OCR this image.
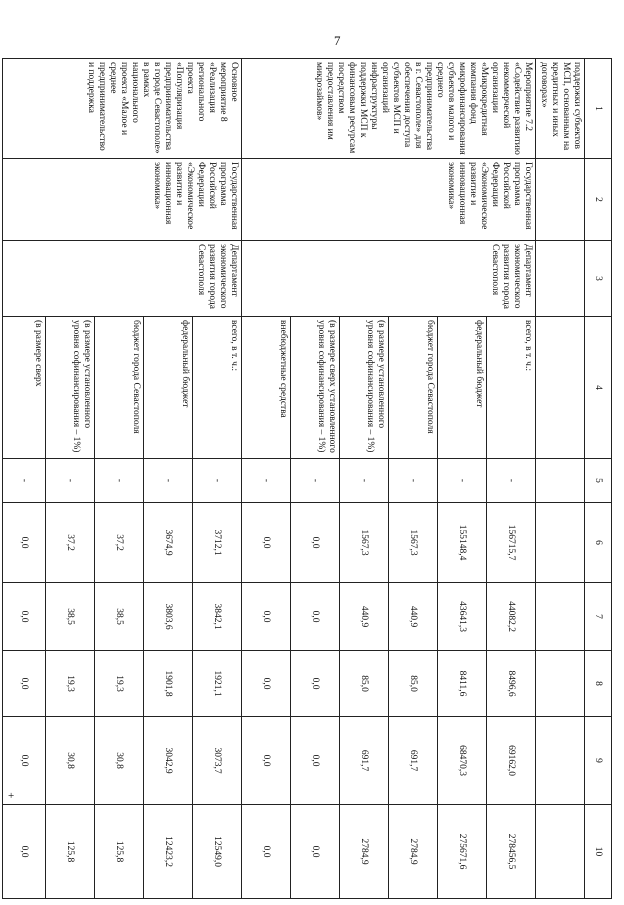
7
+
1	2	3	4	5	6	7	8	9	10
поддержки субъектов МСП, основанным на кредитных и иных договорах»									
Мероприятие 7.2 «Содействие развитию некоммерческой организации «Микрокредитная компания фонд микрофинансирования субъектов малого и среднего предпринимательства в г. Севастополе» для обеспечения доступа субъектов МСП и организаций инфраструктуры поддержки МСП к финансовым ресурсам посредством предоставления им микрозаймов»	Государственная программа Российской Федерации «Экономическое развитие и инновационная экономика»	Департамент экономического развития города Севастополя	всего, в т. ч.:	-	156715,7	44082,2	8496,6	69162,0	278456,5
			федеральный бюджет	-	155148,4	43641,3	8411,6	68470,3	275671,6
			бюджет города Севастополя	-	1567,3	440,9	85,0	691,7	2784,9
			(в размере установленного уровня софинансирования – 1%)	-	1567,3	440,9	85,0	691,7	2784,9
			(в размере сверх установленного уровня софинансирования – 1%)	-	0,0	0,0	0,0	0,0	0,0
			внебюджетные средства	-	0,0	0,0	0,0	0,0	0,0
Основное мероприятие 8 «Реализация регионального проекта «Популяризация предпринимательства в городе Севастополе» в рамках национального проекта «Малое и среднее предпринимательство и поддержка	Государственная программа Российской Федерации «Экономическое развитие и инновационная экономика»	Департамент экономического развития города Севастополя	всего, в т. ч.:	-	3712,1	3842,1	1921,1	3073,7	12549,0
			федеральный бюджет	-	3674,9	3803,6	1901,8	3042,9	12423,2
			бюджет города Севастополя	-	37,2	38,5	19,3	30,8	125,8
			(в размере установленного уровня софинансирования – 1%)	-	37,2	38,5	19,3	30,8	125,8
			(в размере сверх	-	0,0	0,0	0,0	0,0	0,0
